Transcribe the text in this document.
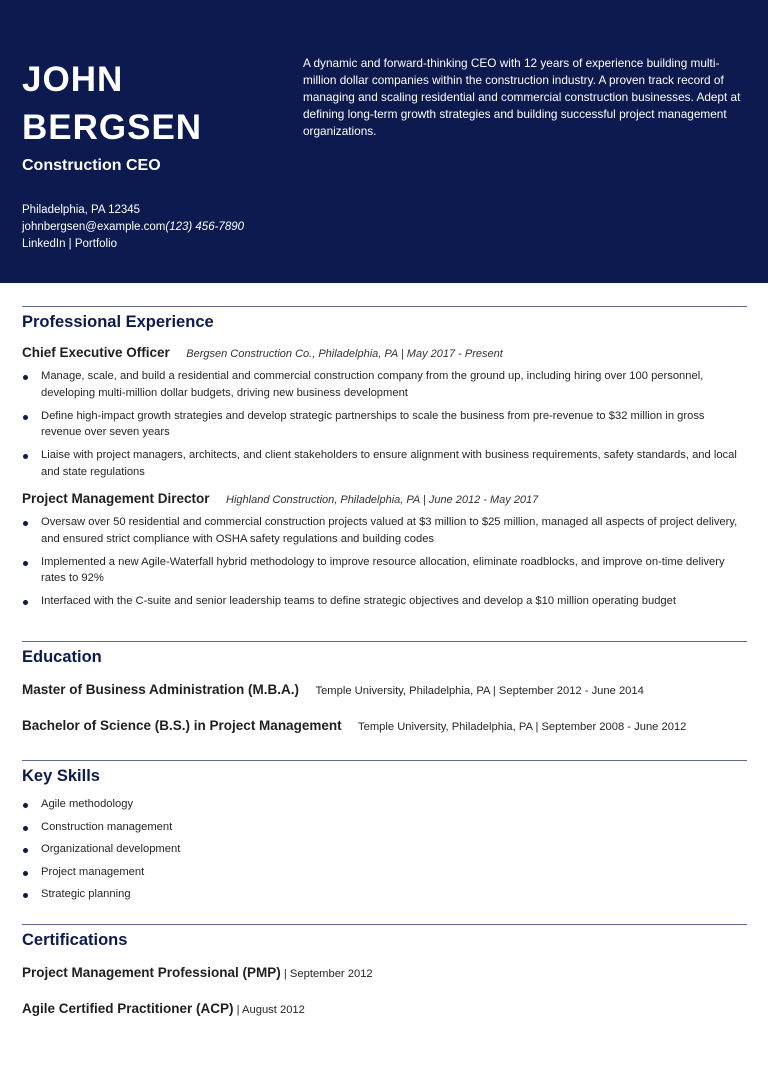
JOHN
BERGSEN
Construction CEO
Philadelphia, PA 12345
johnbergsen@example.com(123) 456-7890
LinkedIn | Portfolio

A dynamic and forward-thinking CEO with 12 years of experience building multi-million dollar companies within the construction industry. A proven track record of managing and scaling residential and commercial construction businesses. Adept at defining long-term growth strategies and building successful project management organizations.

Professional Experience
Chief Executive Officer Bergsen Construction Co., Philadelphia, PA | May 2017 - Present
Manage, scale, and build a residential and commercial construction company from the ground up, including hiring over 100 personnel, developing multi-million dollar budgets, driving new business development
Define high-impact growth strategies and develop strategic partnerships to scale the business from pre-revenue to $32 million in gross revenue over seven years
Liaise with project managers, architects, and client stakeholders to ensure alignment with business requirements, safety standards, and local and state regulations
Project Management Director Highland Construction, Philadelphia, PA | June 2012 - May 2017
Oversaw over 50 residential and commercial construction projects valued at $3 million to $25 million, managed all aspects of project delivery, and ensured strict compliance with OSHA safety regulations and building codes
Implemented a new Agile-Waterfall hybrid methodology to improve resource allocation, eliminate roadblocks, and improve on-time delivery rates to 92%
Interfaced with the C-suite and senior leadership teams to define strategic objectives and develop a $10 million operating budget
Education
Master of Business Administration (M.B.A.) Temple University, Philadelphia, PA | September 2012 - June 2014
Bachelor of Science (B.S.) in Project Management Temple University, Philadelphia, PA | September 2008 - June 2012
Key Skills
Agile methodology
Construction management
Organizational development
Project management
Strategic planning
Certifications
Project Management Professional (PMP) | September 2012
Agile Certified Practitioner (ACP) | August 2012
